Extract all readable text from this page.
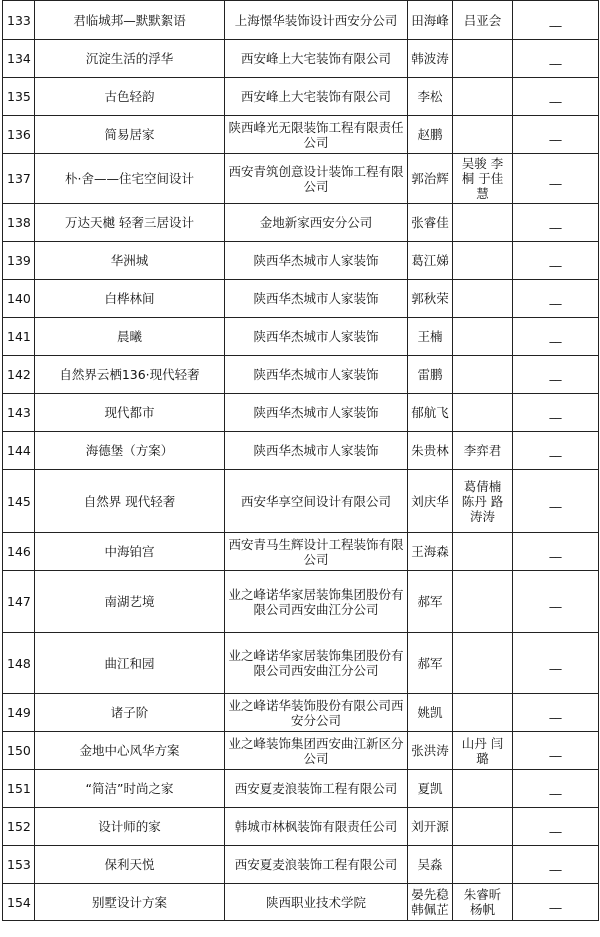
133	君临城邦—默默絮语	上海憬华装饰设计西安分公司	田海峰	吕亚会	__
134	沉淀生活的浮华	西安峰上大宅装饰有限公司	韩波涛		__
135	古色轻韵	西安峰上大宅装饰有限公司	李松		__
136	简易居家	陕西峰光无限装饰工程有限责任公司	赵鹏		__
137	朴·舍——住宅空间设计	西安青筑创意设计装饰工程有限公司	郭治辉	吴骏 李桐 于佳慧	__
138	万达天樾 轻奢三居设计	金地新家西安分公司	张睿佳		__
139	华洲城	陕西华杰城市人家装饰	葛江娣		__
140	白桦林间	陕西华杰城市人家装饰	郭秋荣		__
141	晨曦	陕西华杰城市人家装饰	王楠		__
142	自然界云栖136·现代轻奢	陕西华杰城市人家装饰	雷鹏		__
143	现代都市	陕西华杰城市人家装饰	郁航飞		__
144	海德堡（方案）	陕西华杰城市人家装饰	朱贵林	李弈君	__
145	自然界 现代轻奢	西安华享空间设计有限公司	刘庆华	葛倩楠 陈丹 路涛涛	__
146	中海铂宫	西安青马生辉设计工程装饰有限公司	王海森		__
147	南湖艺境	业之峰诺华家居装饰集团股份有限公司西安曲江分公司	郝军		__
148	曲江和园	业之峰诺华家居装饰集团股份有限公司西安曲江分公司	郝军		__
149	诸子阶	业之峰诺华装饰股份有限公司西安分公司	姚凯		__
150	金地中心风华方案	业之峰装饰集团西安曲江新区分公司	张洪涛	山丹 闫璐	__
151	“简洁”时尚之家	西安夏麦浪装饰工程有限公司	夏凯		__
152	设计师的家	韩城市林枫装饰有限责任公司	刘开源		__
153	保利天悦	西安夏麦浪装饰工程有限公司	吴淼		__
154	别墅设计方案	陕西职业技术学院	晏先稳 韩佩芷	朱睿昕 杨帆	__
